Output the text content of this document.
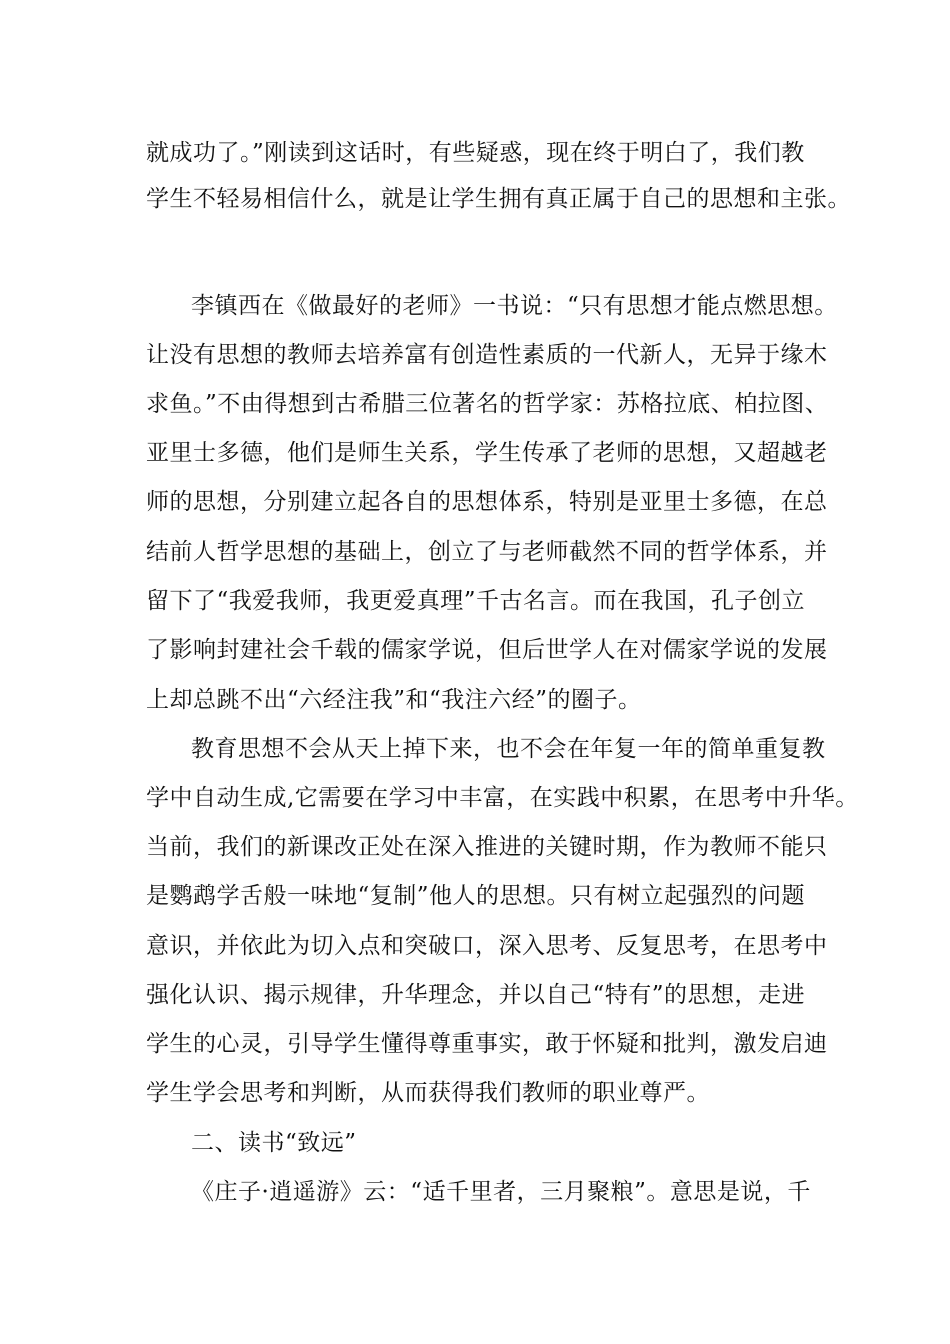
就成功了。”刚读到这话时，有些疑惑，现在终于明白了，我们教
学生不轻易相信什么，就是让学生拥有真正属于自己的思想和主张。
李镇西在《做最好的老师》一书说：“只有思想才能点燃思想。
让没有思想的教师去培养富有创造性素质的一代新人，无异于缘木
求鱼。”不由得想到古希腊三位著名的哲学家：苏格拉底、柏拉图、
亚里士多德，他们是师生关系，学生传承了老师的思想，又超越老
师的思想，分别建立起各自的思想体系，特别是亚里士多德，在总
结前人哲学思想的基础上，创立了与老师截然不同的哲学体系，并
留下了“我爱我师，我更爱真理”千古名言。而在我国，孔子创立
了影响封建社会千载的儒家学说，但后世学人在对儒家学说的发展
上却总跳不出“六经注我”和“我注六经”的圈子。
教育思想不会从天上掉下来，也不会在年复一年的简单重复教
学中自动生成,它需要在学习中丰富，在实践中积累，在思考中升华。
当前，我们的新课改正处在深入推进的关键时期，作为教师不能只
是鹦鹉学舌般一味地“复制”他人的思想。只有树立起强烈的问题
意识，并依此为切入点和突破口，深入思考、反复思考，在思考中
强化认识、揭示规律，升华理念，并以自己“特有”的思想，走进
学生的心灵，引导学生懂得尊重事实，敢于怀疑和批判，激发启迪
学生学会思考和判断，从而获得我们教师的职业尊严。
二、读书“致远”
《庄子·逍遥游》云：“适千里者，三月聚粮”。意思是说，千
